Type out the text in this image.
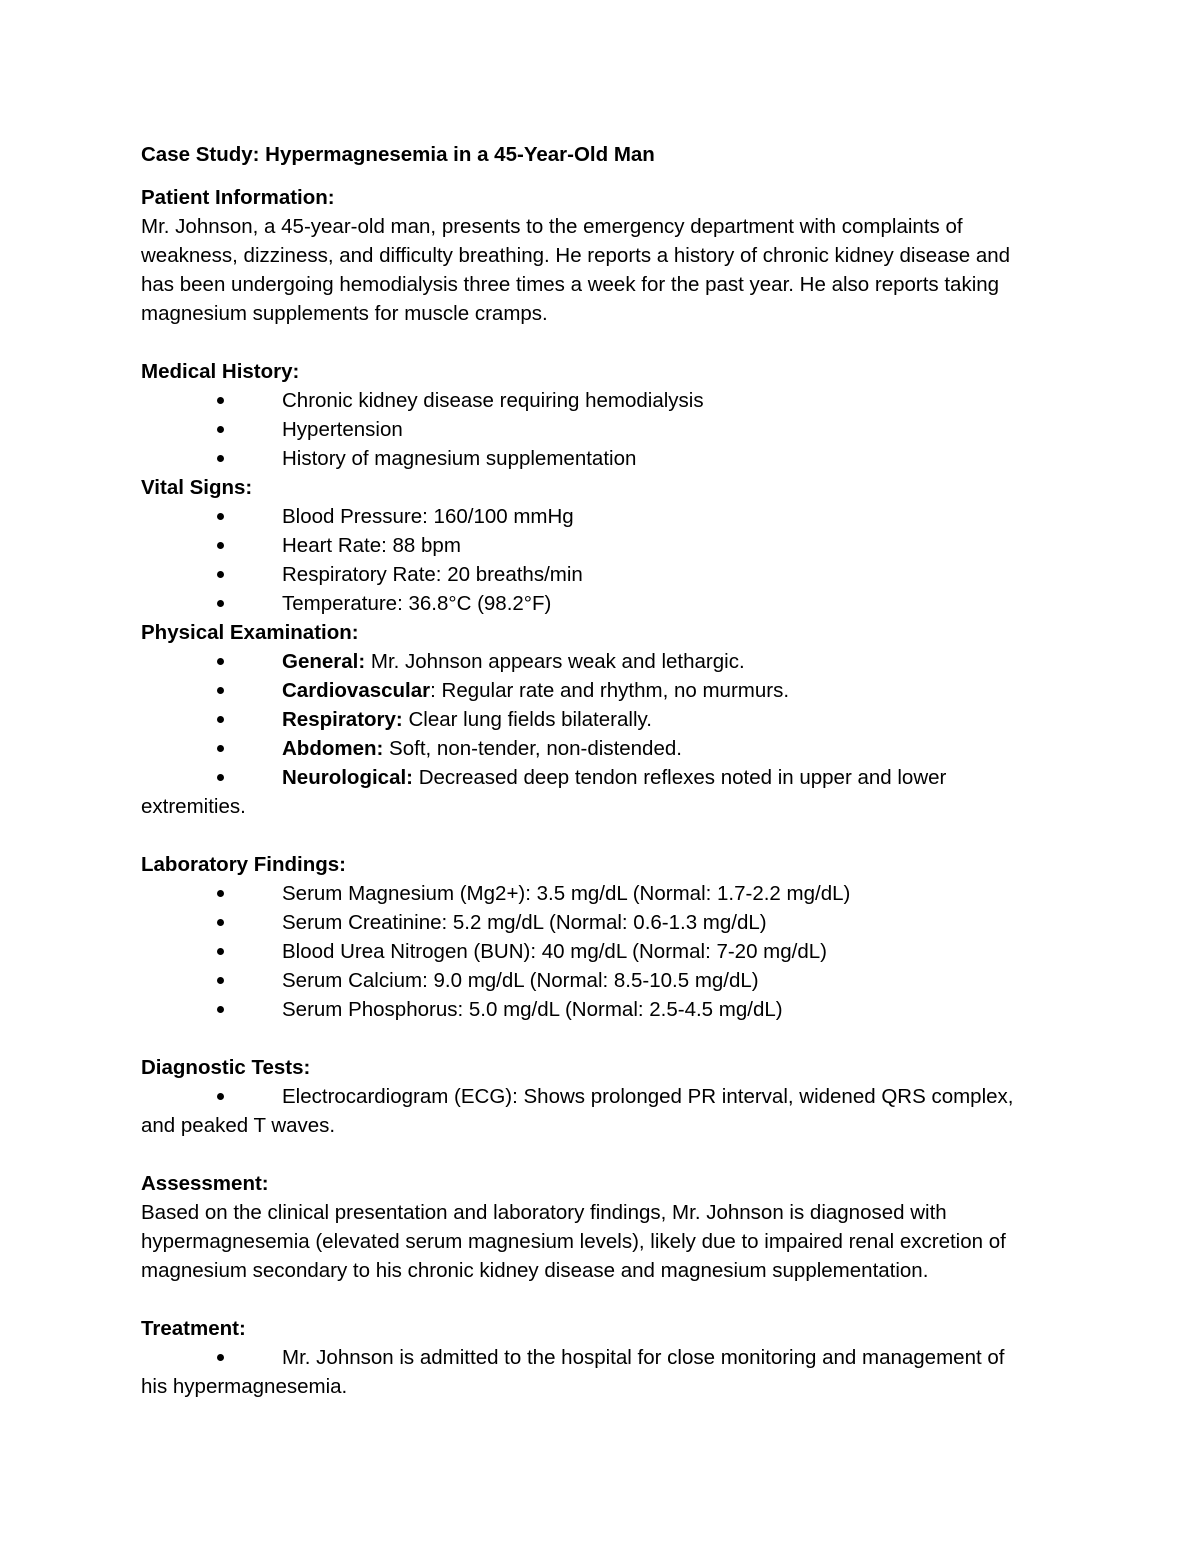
Case Study: Hypermagnesemia in a 45-Year-Old Man
Patient Information:
Mr. Johnson, a 45-year-old man, presents to the emergency department with complaints of
weakness, dizziness, and difficulty breathing. He reports a history of chronic kidney disease and
has been undergoing hemodialysis three times a week for the past year. He also reports taking
magnesium supplements for muscle cramps.
Medical History:
Chronic kidney disease requiring hemodialysis
Hypertension
History of magnesium supplementation
Vital Signs:
Blood Pressure: 160/100 mmHg
Heart Rate: 88 bpm
Respiratory Rate: 20 breaths/min
Temperature: 36.8°C (98.2°F)
Physical Examination:
General: Mr. Johnson appears weak and lethargic.
Cardiovascular: Regular rate and rhythm, no murmurs.
Respiratory: Clear lung fields bilaterally.
Abdomen: Soft, non-tender, non-distended.
Neurological: Decreased deep tendon reflexes noted in upper and lower
extremities.
Laboratory Findings:
Serum Magnesium (Mg2+): 3.5 mg/dL (Normal: 1.7-2.2 mg/dL)
Serum Creatinine: 5.2 mg/dL (Normal: 0.6-1.3 mg/dL)
Blood Urea Nitrogen (BUN): 40 mg/dL (Normal: 7-20 mg/dL)
Serum Calcium: 9.0 mg/dL (Normal: 8.5-10.5 mg/dL)
Serum Phosphorus: 5.0 mg/dL (Normal: 2.5-4.5 mg/dL)
Diagnostic Tests:
Electrocardiogram (ECG): Shows prolonged PR interval, widened QRS complex,
and peaked T waves.
Assessment:
Based on the clinical presentation and laboratory findings, Mr. Johnson is diagnosed with
hypermagnesemia (elevated serum magnesium levels), likely due to impaired renal excretion of
magnesium secondary to his chronic kidney disease and magnesium supplementation.
Treatment:
Mr. Johnson is admitted to the hospital for close monitoring and management of
his hypermagnesemia.
